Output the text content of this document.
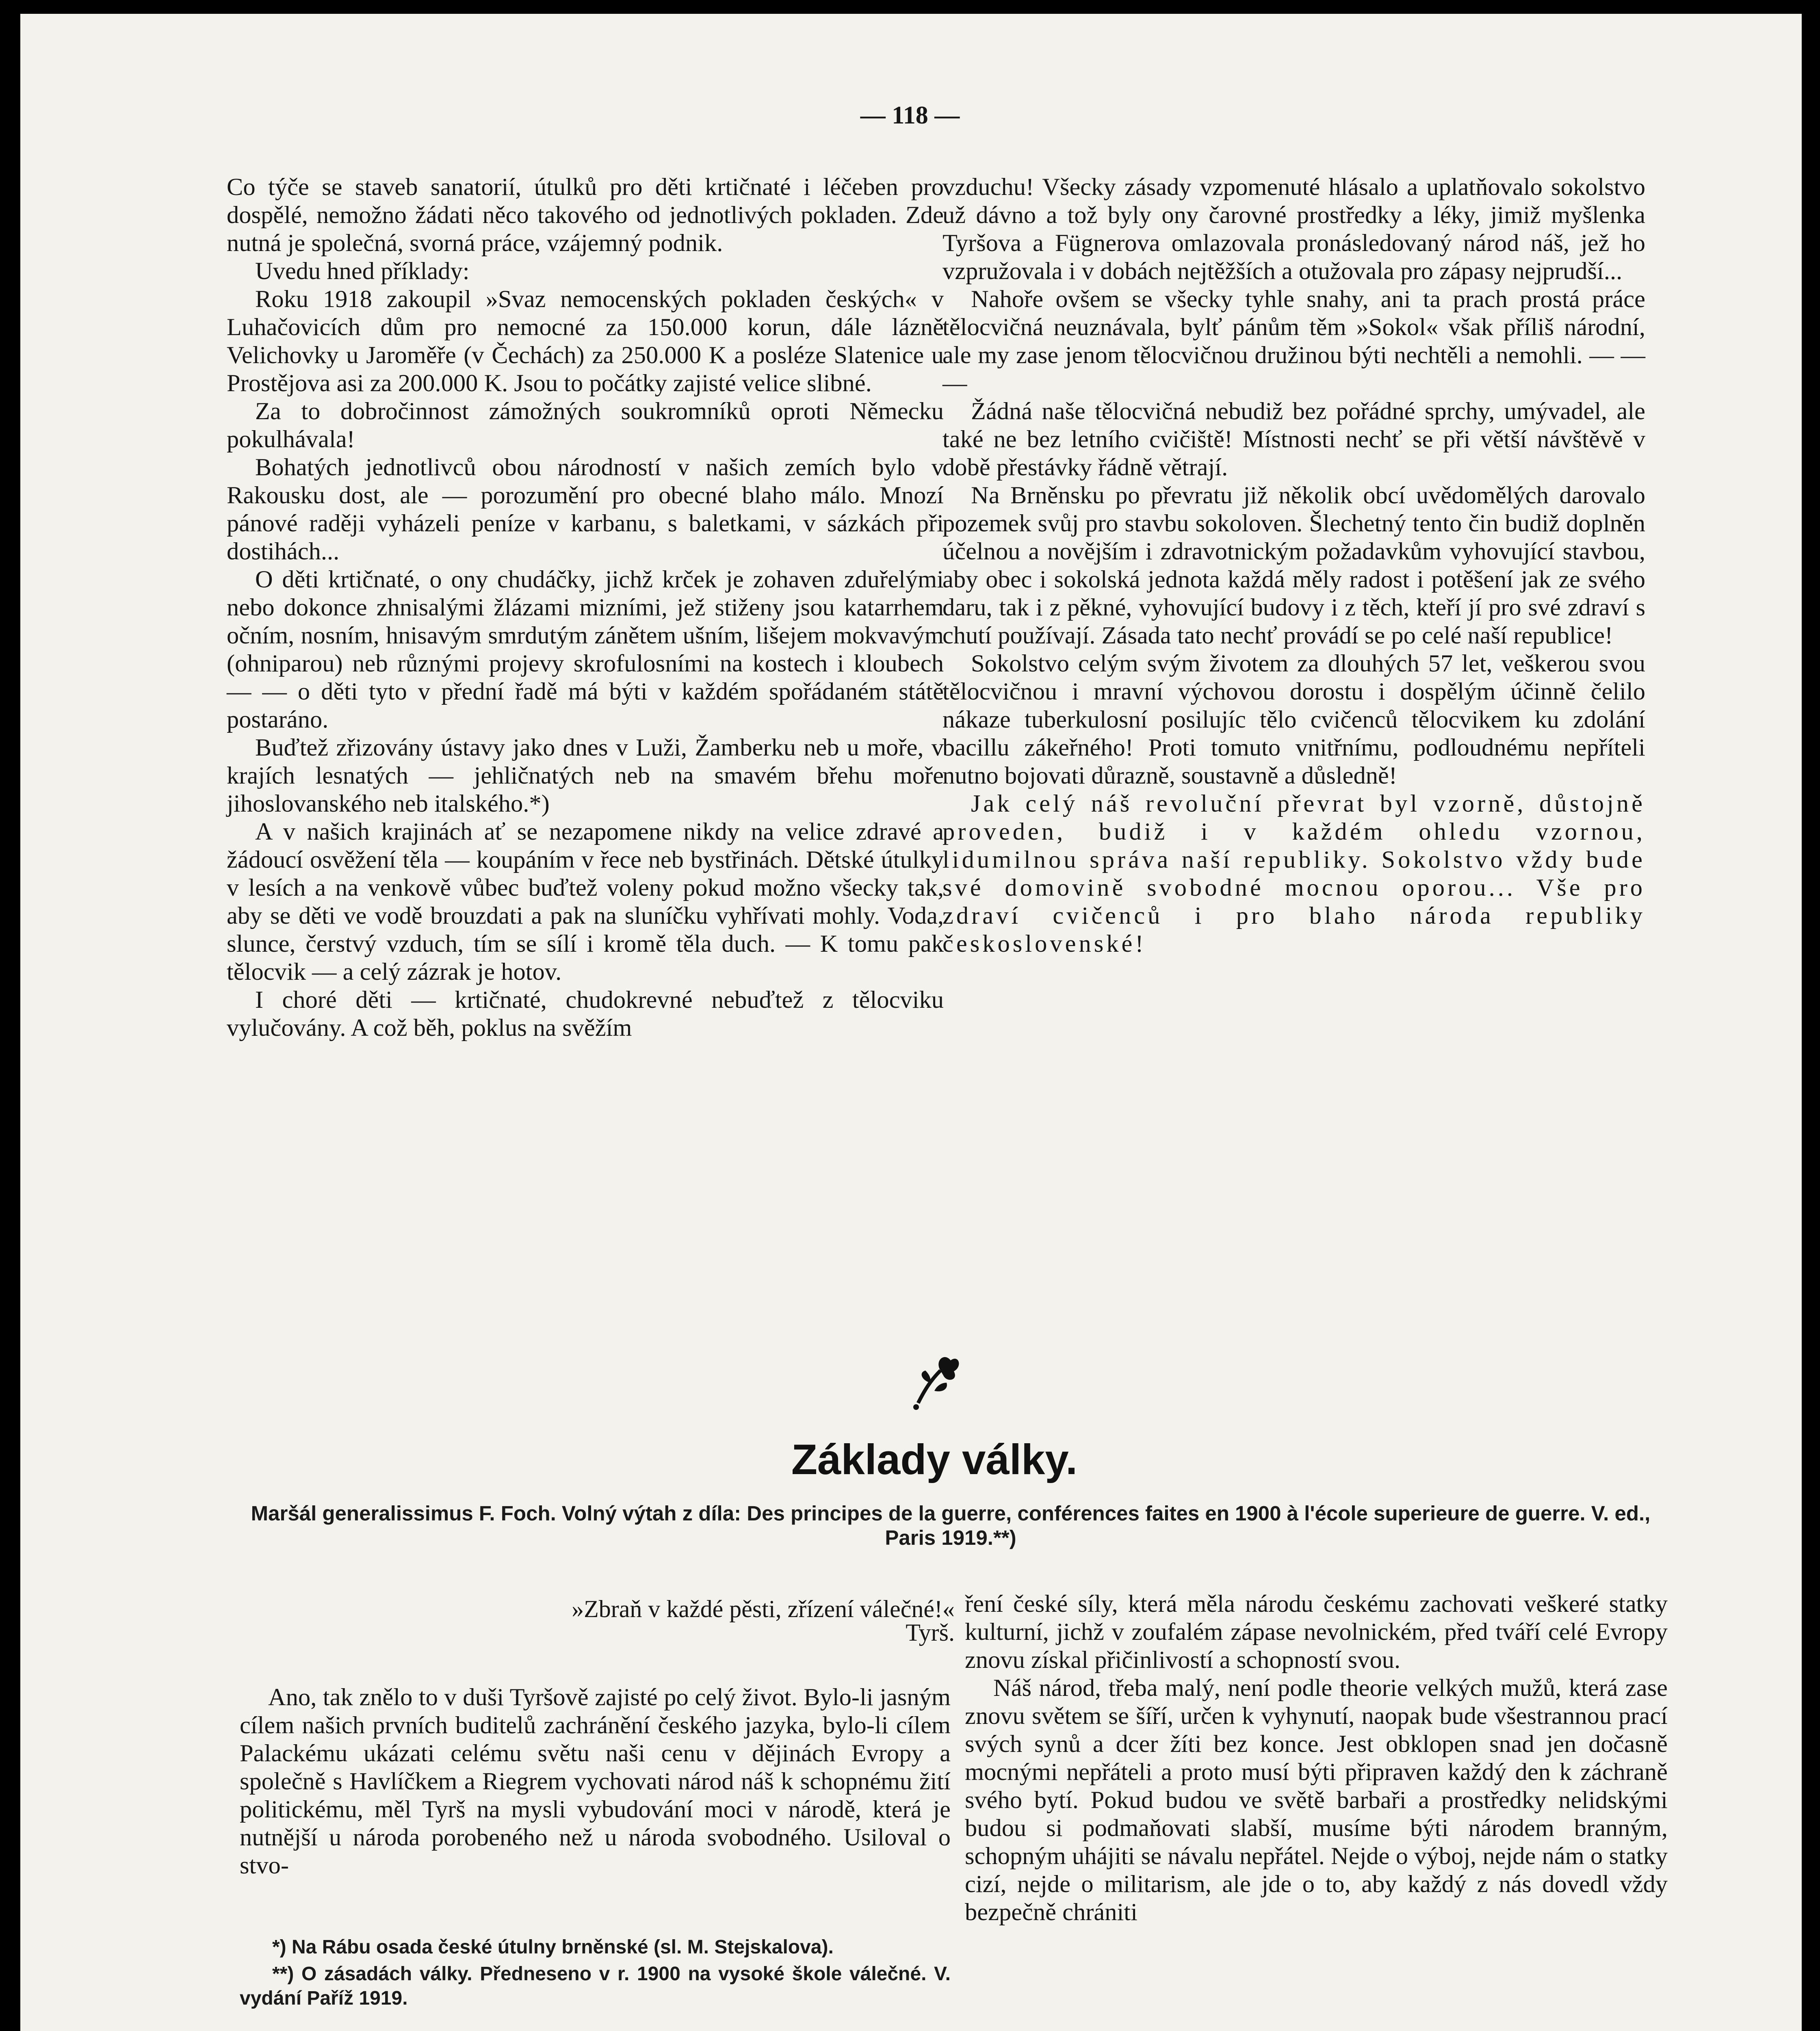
— 118 —

Co týče se staveb sanatorií, útulků pro děti krtičnaté i léčeben pro dospělé, nemožno žádati něco takového od jednotlivých pokladen. Zde nutná je společná, svorná práce, vzájemný podnik.

Uvedu hned příklady:

Roku 1918 zakoupil »Svaz nemocenských pokladen českých« v Luhačovicích dům pro nemocné za 150.000 korun, dále lázně Velichovky u Jaroměře (v Čechách) za 250.000 K a posléze Slatenice u Prostějova asi za 200.000 K. Jsou to počátky zajisté velice slibné.

Za to dobročinnost zámožných soukromníků oproti Německu pokulhávala!

Bohatých jednotlivců obou národností v našich zemích bylo v Rakousku dost, ale — porozumění pro obecné blaho málo. Mnozí pánové raději vyházeli peníze v karbanu, s baletkami, v sázkách při dostihách...

O děti krtičnaté, o ony chudáčky, jichž krček je zohaven zduřelými nebo dokonce zhnisalými žlázami mizními, jež stiženy jsou katarrhem očním, nosním, hnisavým smrdutým zánětem ušním, lišejem mokvavým (ohniparou) neb různými projevy skrofulosními na kostech i kloubech — — o děti tyto v přední řadě má býti v každém spořádaném státě postaráno.

Buďtež zřizovány ústavy jako dnes v Luži, Žamberku neb u moře, v krajích lesnatých — jehličnatých neb na smavém břehu moře jihoslovanského neb italského.*)

A v našich krajinách ať se nezapomene nikdy na velice zdravé a žádoucí osvěžení těla — koupáním v řece neb bystřinách. Dětské útulky v lesích a na venkově vůbec buďtež voleny pokud možno všecky tak, aby se děti ve vodě brouzdati a pak na sluníčku vyhřívati mohly. Voda, slunce, čerstvý vzduch, tím se sílí i kromě těla duch. — K tomu pak tělocvik — a celý zázrak je hotov.

I choré děti — krtičnaté, chudokrevné nebuďtež z tělocviku vylučovány. A což běh, poklus na svěžím

vzduchu! Všecky zásady vzpomenuté hlásalo a uplatňovalo sokolstvo už dávno a tož byly ony čarovné prostředky a léky, jimiž myšlenka Tyršova a Fügnerova omlazovala pronásledovaný národ náš, jež ho vzpružovala i v dobách nejtěžších a otužovala pro zápasy nejprudší...

Nahoře ovšem se všecky tyhle snahy, ani ta prach prostá práce tělocvičná neuznávala, bylť pánům těm »Sokol« však příliš národní, ale my zase jenom tělocvičnou družinou býti nechtěli a nemohli. — — —

Žádná naše tělocvičná nebudiž bez pořádné sprchy, umývadel, ale také ne bez letního cvičiště! Místnosti nechť se při větší návštěvě v době přestávky řádně větrají.

Na Brněnsku po převratu již několik obcí uvědomělých darovalo pozemek svůj pro stavbu sokoloven. Šlechetný tento čin budiž doplněn účelnou a novějším i zdravotnickým požadavkům vyhovující stavbou, aby obec i sokolská jednota každá měly radost i potěšení jak ze svého daru, tak i z pěkné, vyhovující budovy i z těch, kteří jí pro své zdraví s chutí používají. Zásada tato nechť provádí se po celé naší republice!

Sokolstvo celým svým životem za dlouhých 57 let, veškerou svou tělocvičnou i mravní výchovou dorostu i dospělým účinně čelilo nákaze tuberkulosní posilujíc tělo cvičenců tělocvikem ku zdolání bacillu zákeřného! Proti tomuto vnitřnímu, podloudnému nepříteli nutno bojovati důrazně, soustavně a důsledně!

Jak celý náš revoluční převrat byl vzorně, důstojně proveden, budiž i v každém ohledu vzornou, lidumilnou správa naší republiky. Sokolstvo vždy bude své domovině svobodné mocnou oporou... Vše pro zdraví cvičenců i pro blaho národa republiky československé!

Základy války.
Maršál generalissimus F. Foch. Volný výtah z díla: Des principes de la guerre, conférences faites en 1900 à l'école superieure de guerre. V. ed., Paris 1919.**)
»Zbraň v každé pěsti, zřízení válečné!«
Tyrš.

Ano, tak znělo to v duši Tyršově zajisté po celý život. Bylo-li jasným cílem našich prvních buditelů zachránění českého jazyka, bylo-li cílem Palackému ukázati celému světu naši cenu v dějinách Evropy a společně s Havlíčkem a Riegrem vychovati národ náš k schopnému žití politickému, měl Tyrš na mysli vybudování moci v národě, která je nutnější u národa porobeného než u národa svobodného. Usiloval o stvo-

*) Na Rábu osada české útulny brněnské (sl. M. Stejskalova).

**) O zásadách války. Předneseno v r. 1900 na vysoké škole válečné. V. vydání Paříž 1919.

ření české síly, která měla národu českému zachovati veškeré statky kulturní, jichž v zoufalém zápase nevolnickém, před tváří celé Evropy znovu získal přičinlivostí a schopností svou.

Náš národ, třeba malý, není podle theorie velkých mužů, která zase znovu světem se šíří, určen k vyhynutí, naopak bude všestrannou prací svých synů a dcer žíti bez konce. Jest obklopen snad jen dočasně mocnými nepřáteli a proto musí býti připraven každý den k záchraně svého bytí. Pokud budou ve světě barbaři a prostředky nelidskými budou si podmaňovati slabší, musíme býti národem branným, schopným uhájiti se návalu nepřátel. Nejde o výboj, nejde nám o statky cizí, nejde o militarism, ale jde o to, aby každý z nás dovedl vždy bezpečně chrániti
